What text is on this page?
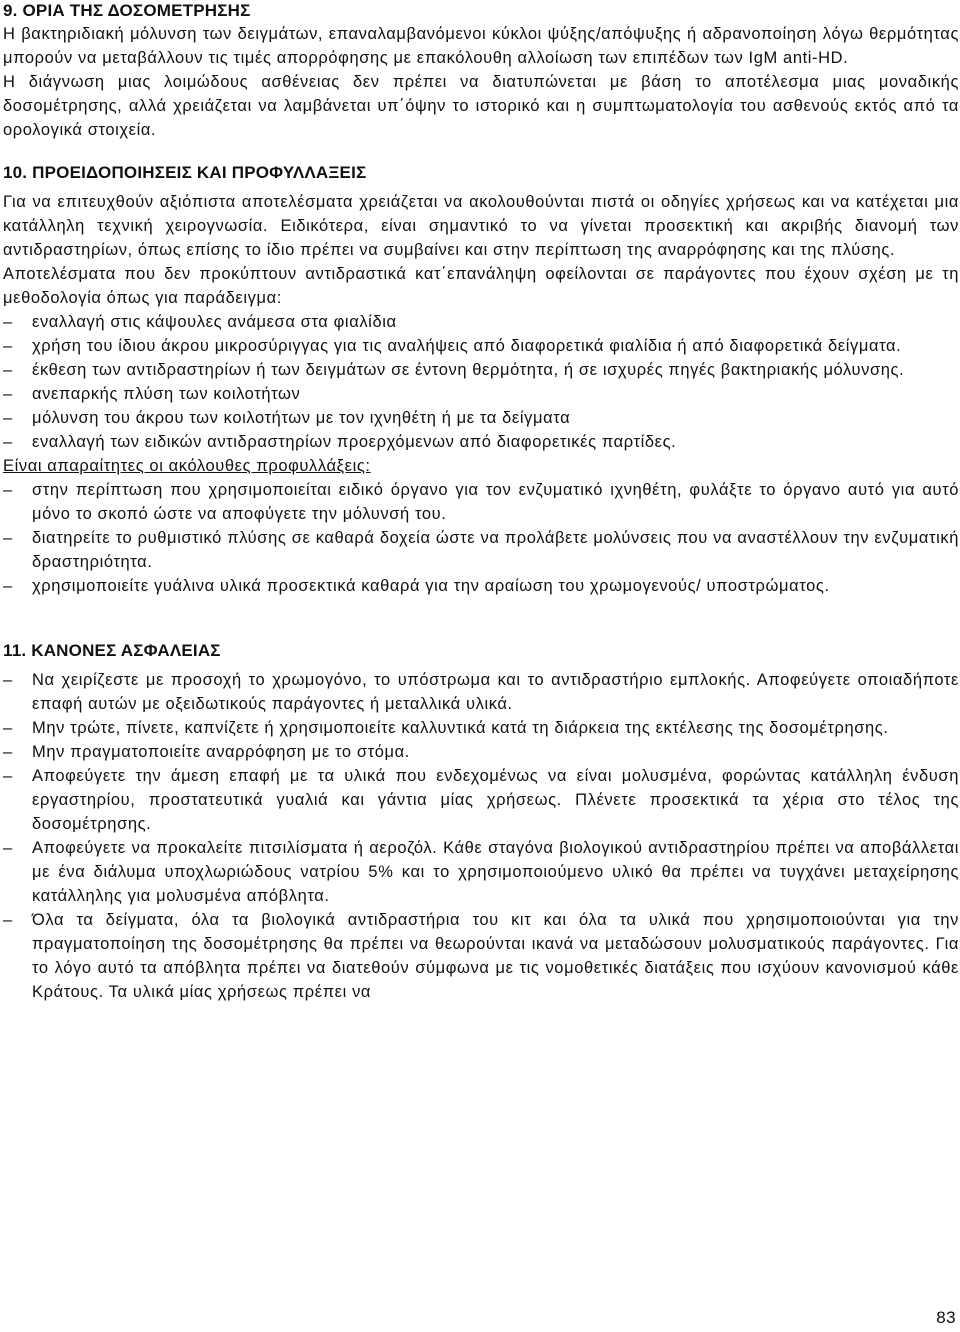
9. ΟΡΙΑ ΤΗΣ ΔΟΣΟΜΕΤΡΗΣΗΣ

Η βακτηριδιακή μόλυνση των δειγμάτων, επαναλαμβανόμενοι κύκλοι ψύξης/απόψυξης ή αδρανοποίηση λόγω θερμότητας μπορούν να μεταβάλλουν τις τιμές απορρόφησης με επακόλουθη αλλοίωση των επιπέδων των IgM anti-HD.

Η διάγνωση μιας λοιμώδους ασθένειας δεν πρέπει να διατυπώνεται με βάση το αποτέλεσμα μιας μοναδικής δοσομέτρησης, αλλά χρειάζεται να λαμβάνεται υπ΄όψην το ιστορικό και η συμπτωματολογία του ασθενούς εκτός από τα ορολογικά στοιχεία.

10. ΠΡΟΕΙΔΟΠΟΙΗΣΕΙΣ ΚΑΙ ΠΡΟΦΥΛΛΑΞΕΙΣ

Για να επιτευχθούν αξιόπιστα αποτελέσματα χρειάζεται να ακολουθούνται πιστά οι οδηγίες χρήσεως και να κατέχεται μια κατάλληλη τεχνική χειρογνωσία. Ειδικότερα, είναι σημαντικό το να γίνεται προσεκτική και ακριβής διανομή των αντιδραστηρίων, όπως επίσης το ίδιο πρέπει να συμβαίνει και στην περίπτωση της αναρρόφησης και της πλύσης.

Αποτελέσματα που δεν προκύπτουν αντιδραστικά κατ΄επανάληψη οφείλονται σε παράγοντες που έχουν σχέση με τη μεθοδολογία όπως για παράδειγμα:

– εναλλαγή στις κάψουλες ανάμεσα στα φιαλίδια
– χρήση του ίδιου άκρου μικροσύριγγας για τις αναλήψεις από διαφορετικά φιαλίδια ή από διαφορετικά δείγματα.
– έκθεση των αντιδραστηρίων ή των δειγμάτων σε έντονη θερμότητα, ή σε ισχυρές πηγές βακτηριακής μόλυνσης.
– ανεπαρκής πλύση των κοιλοτήτων
– μόλυνση του άκρου των κοιλοτήτων με τον ιχνηθέτη ή με τα δείγματα
– εναλλαγή των ειδικών αντιδραστηρίων προερχόμενων από διαφορετικές παρτίδες.

Είναι απαραίτητες οι ακόλουθες προφυλλάξεις:

– στην περίπτωση που χρησιμοποιείται ειδικό όργανο για τον ενζυματικό ιχνηθέτη, φυλάξτε το όργανο αυτό για αυτό μόνο το σκοπό ώστε να αποφύγετε την μόλυνσή του.
– διατηρείτε το ρυθμιστικό πλύσης σε καθαρά δοχεία ώστε να προλάβετε μολύνσεις που να αναστέλλουν την ενζυματική δραστηριότητα.
– χρησιμοποιείτε γυάλινα υλικά προσεκτικά καθαρά για την αραίωση του χρωμογενούς/ υποστρώματος.
11. ΚΑΝΟΝΕΣ ΑΣΦΑΛΕΙΑΣ
– Να χειρίζεστε με προσοχή το χρωμογόνο, το υπόστρωμα και το αντιδραστήριο εμπλοκής. Αποφεύγετε οποιαδήποτε επαφή αυτών με οξειδωτικούς παράγοντες ή μεταλλικά υλικά.
– Μην τρώτε, πίνετε, καπνίζετε ή χρησιμοποιείτε καλλυντικά κατά τη διάρκεια της εκτέλεσης της δοσομέτρησης.
– Μην πραγματοποιείτε αναρρόφηση με το στόμα.
– Αποφεύγετε την άμεση επαφή με τα υλικά που ενδεχομένως να είναι μολυσμένα, φορώντας κατάλληλη ένδυση εργαστηρίου, προστατευτικά γυαλιά και γάντια μίας χρήσεως. Πλένετε προσεκτικά τα χέρια στο τέλος της δοσομέτρησης.
– Αποφεύγετε να προκαλείτε πιτσιλίσματα ή αεροζόλ. Κάθε σταγόνα βιολογικού αντιδραστηρίου πρέπει να αποβάλλεται με ένα διάλυμα υποχλωριώδους νατρίου 5% και το χρησιμοποιούμενο υλικό θα πρέπει να τυγχάνει μεταχείρησης κατάλληλης για μολυσμένα απόβλητα.
– Όλα τα δείγματα, όλα τα βιολογικά αντιδραστήρια του κιτ και όλα τα υλικά που χρησιμοποιούνται για την πραγματοποίηση της δοσομέτρησης θα πρέπει να θεωρούνται ικανά να μεταδώσουν μολυσματικούς παράγοντες. Για το λόγο αυτό τα απόβλητα πρέπει να διατεθούν σύμφωνα με τις νομοθετικές διατάξεις που ισχύουν κανονισμού κάθε Κράτους. Τα υλικά μίας χρήσεως πρέπει να
83
